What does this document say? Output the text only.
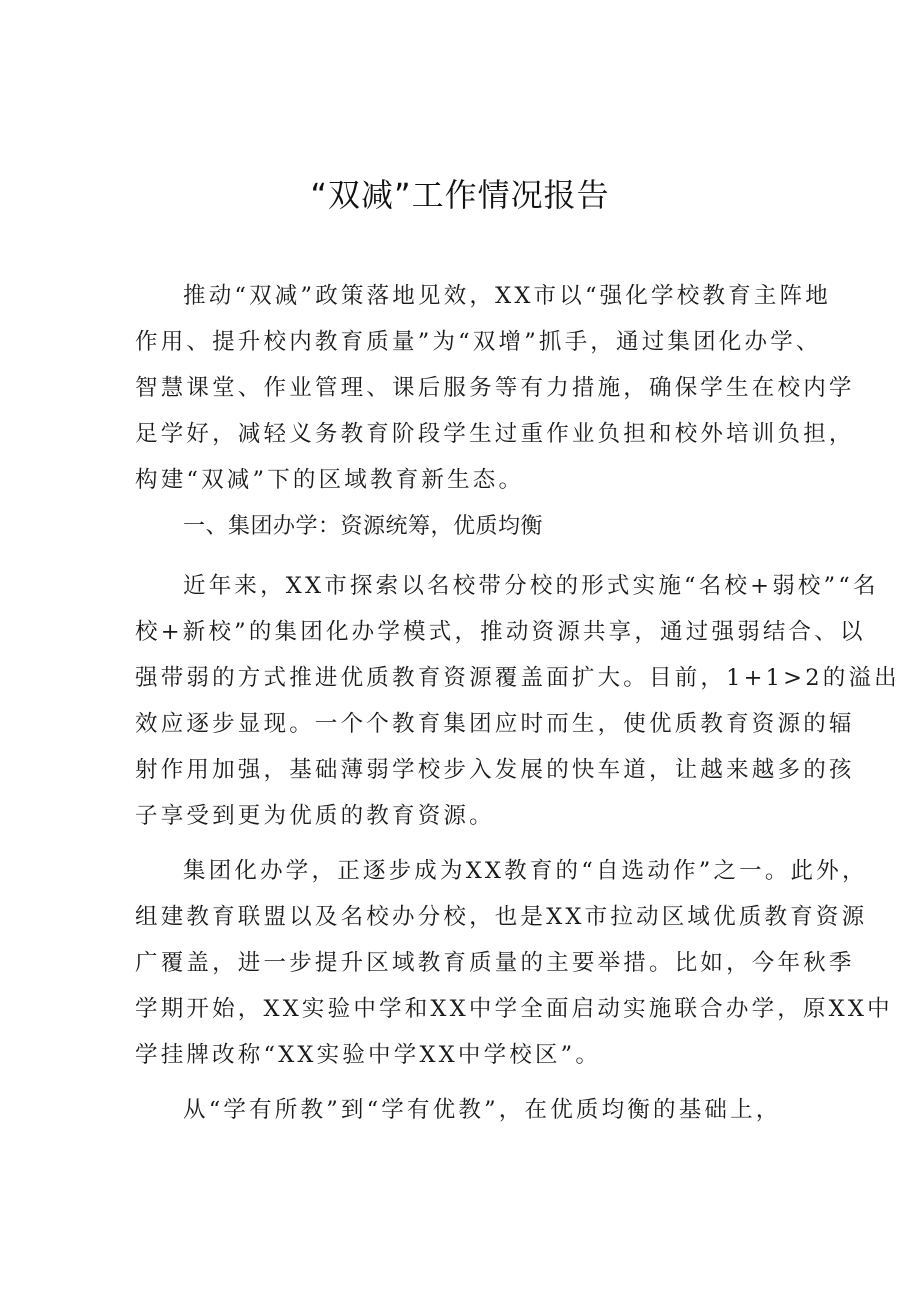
“双减”工作情况报告
推动“双减”政策落地见效，XX市以“强化学校教育主阵地
作用、提升校内教育质量”为“双增”抓手，通过集团化办学、
智慧课堂、作业管理、课后服务等有力措施，确保学生在校内学
足学好，减轻义务教育阶段学生过重作业负担和校外培训负担，
构建“双减”下的区域教育新生态。
一、集团办学：资源统筹，优质均衡
近年来，XX市探索以名校带分校的形式实施“名校+弱校”“名
校+新校”的集团化办学模式，推动资源共享，通过强弱结合、以
强带弱的方式推进优质教育资源覆盖面扩大。目前，1+1>2的溢出
效应逐步显现。一个个教育集团应时而生，使优质教育资源的辐
射作用加强，基础薄弱学校步入发展的快车道，让越来越多的孩
子享受到更为优质的教育资源。
集团化办学，正逐步成为XX教育的“自选动作”之一。此外，
组建教育联盟以及名校办分校，也是XX市拉动区域优质教育资源
广覆盖，进一步提升区域教育质量的主要举措。比如，今年秋季
学期开始，XX实验中学和XX中学全面启动实施联合办学，原XX中
学挂牌改称“XX实验中学XX中学校区”。
从“学有所教”到“学有优教”，在优质均衡的基础上，
